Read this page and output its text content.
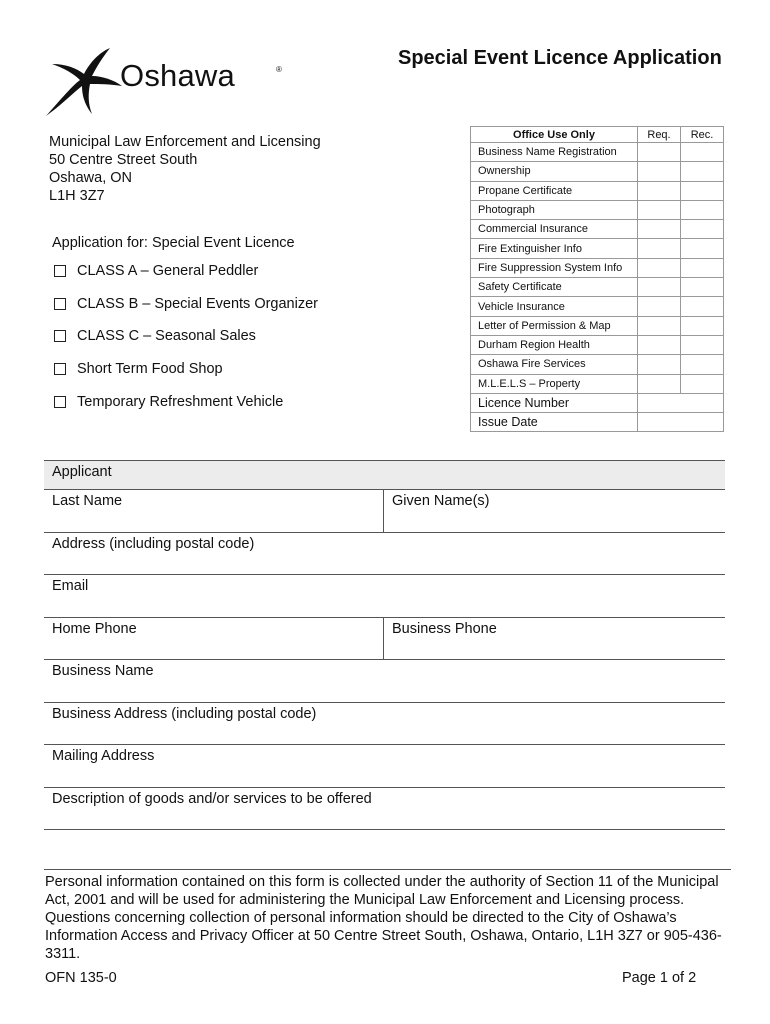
Oshawa	®
Special Event Licence Application
Municipal Law Enforcement and Licensing
50 Centre Street South
Oshawa, ON
L1H 3Z7
Application for: Special Event Licence
CLASS A – General Peddler
CLASS B – Special Events Organizer
CLASS C – Seasonal Sales
Short Term Food Shop
Temporary Refreshment Vehicle
Office Use Only	Req.	Rec.
Business Name Registration		
Ownership		
Propane Certificate		
Photograph		
Commercial Insurance		
Fire Extinguisher Info		
Fire Suppression System Info		
Safety Certificate		
Vehicle Insurance		
Letter of Permission & Map		
Durham Region Health		
Oshawa Fire Services		
M.L.E.L.S – Property		
Licence Number		
Issue Date		
Applicant
Last Name	Given Name(s)
Address (including postal code)
Email
Home Phone	Business Phone
Business Name
Business Address (including postal code)
Mailing Address
Description of goods and/or services to be offered
Personal information contained on this form is collected under the authority of Section 11 of the Municipal Act, 2001 and will be used for administering the Municipal Law Enforcement and Licensing process. Questions concerning collection of personal information should be directed to the City of Oshawa’s Information Access and Privacy Officer at 50 Centre Street South, Oshawa, Ontario, L1H 3Z7 or 905-436-3311.
OFN 135-0	Page 1 of 2
